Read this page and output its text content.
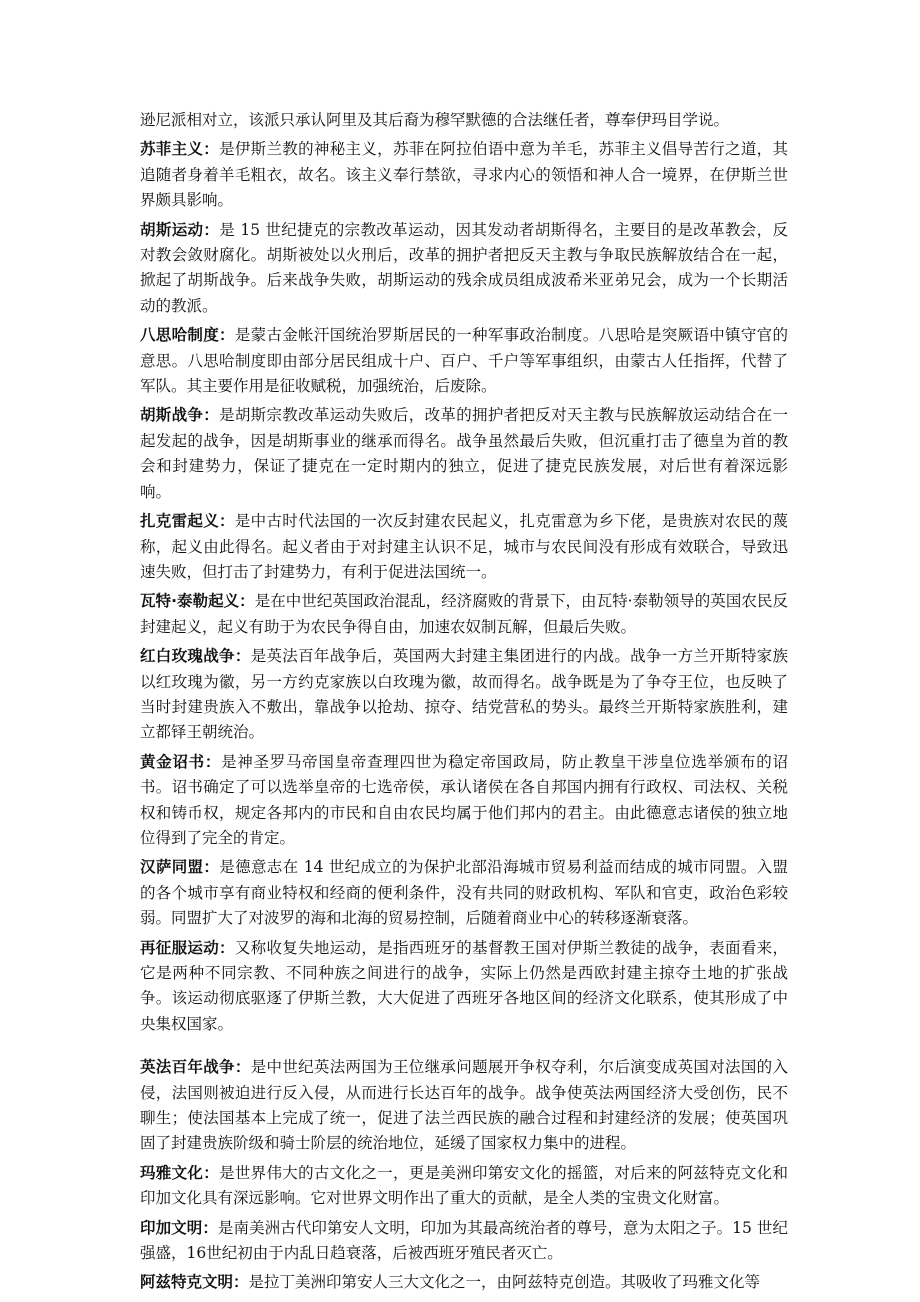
逊尼派相对立，该派只承认阿里及其后裔为穆罕默德的合法继任者，尊奉伊玛目学说。

苏菲主义：是伊斯兰教的神秘主义，苏菲在阿拉伯语中意为羊毛，苏菲主义倡导苦行之道，其追随者身着羊毛粗衣，故名。该主义奉行禁欲，寻求内心的领悟和神人合一境界，在伊斯兰世界颇具影响。

胡斯运动：是 15 世纪捷克的宗教改革运动，因其发动者胡斯得名，主要目的是改革教会，反对教会敛财腐化。胡斯被处以火刑后，改革的拥护者把反天主教与争取民族解放结合在一起，掀起了胡斯战争。后来战争失败，胡斯运动的残余成员组成波希米亚弟兄会，成为一个长期活动的教派。

八思哈制度：是蒙古金帐汗国统治罗斯居民的一种军事政治制度。八思哈是突厥语中镇守官的意思。八思哈制度即由部分居民组成十户、百户、千户等军事组织，由蒙古人任指挥，代替了军队。其主要作用是征收赋税，加强统治，后废除。

胡斯战争：是胡斯宗教改革运动失败后，改革的拥护者把反对天主教与民族解放运动结合在一起发起的战争，因是胡斯事业的继承而得名。战争虽然最后失败，但沉重打击了德皇为首的教会和封建势力，保证了捷克在一定时期内的独立，促进了捷克民族发展，对后世有着深远影响。

扎克雷起义：是中古时代法国的一次反封建农民起义，扎克雷意为乡下佬，是贵族对农民的蔑称，起义由此得名。起义者由于对封建主认识不足，城市与农民间没有形成有效联合，导致迅速失败，但打击了封建势力，有利于促进法国统一。

瓦特·泰勒起义：是在中世纪英国政治混乱，经济腐败的背景下，由瓦特·泰勒领导的英国农民反封建起义，起义有助于为农民争得自由，加速农奴制瓦解，但最后失败。

红白玫瑰战争：是英法百年战争后，英国两大封建主集团进行的内战。战争一方兰开斯特家族以红玫瑰为徽，另一方约克家族以白玫瑰为徽，故而得名。战争既是为了争夺王位，也反映了当时封建贵族入不敷出，靠战争以抢劫、掠夺、结党营私的势头。最终兰开斯特家族胜利，建立都铎王朝统治。

黄金诏书：是神圣罗马帝国皇帝查理四世为稳定帝国政局，防止教皇干涉皇位选举颁布的诏书。诏书确定了可以选举皇帝的七选帝侯，承认诸侯在各自邦国内拥有行政权、司法权、关税权和铸币权，规定各邦内的市民和自由农民均属于他们邦内的君主。由此德意志诸侯的独立地位得到了完全的肯定。

汉萨同盟：是德意志在 14 世纪成立的为保护北部沿海城市贸易利益而结成的城市同盟。入盟的各个城市享有商业特权和经商的便利条件，没有共同的财政机构、军队和官吏，政治色彩较弱。同盟扩大了对波罗的海和北海的贸易控制，后随着商业中心的转移逐渐衰落。

再征服运动：又称收复失地运动，是指西班牙的基督教王国对伊斯兰教徒的战争，表面看来，它是两种不同宗教、不同种族之间进行的战争，实际上仍然是西欧封建主掠夺土地的扩张战争。该运动彻底驱逐了伊斯兰教，大大促进了西班牙各地区间的经济文化联系，使其形成了中央集权国家。

英法百年战争：是中世纪英法两国为王位继承问题展开争权夺利，尔后演变成英国对法国的入侵，法国则被迫进行反入侵，从而进行长达百年的战争。战争使英法两国经济大受创伤，民不聊生；使法国基本上完成了统一，促进了法兰西民族的融合过程和封建经济的发展；使英国巩固了封建贵族阶级和骑士阶层的统治地位，延缓了国家权力集中的进程。

玛雅文化：是世界伟大的古文化之一，更是美洲印第安文化的摇篮，对后来的阿兹特克文化和印加文化具有深远影响。它对世界文明作出了重大的贡献，是全人类的宝贵文化财富。

印加文明：是南美洲古代印第安人文明，印加为其最高统治者的尊号，意为太阳之子。15 世纪强盛，16世纪初由于内乱日趋衰落，后被西班牙殖民者灭亡。

阿兹特克文明：是拉丁美洲印第安人三大文化之一，由阿兹特克创造。其吸收了玛雅文化等
